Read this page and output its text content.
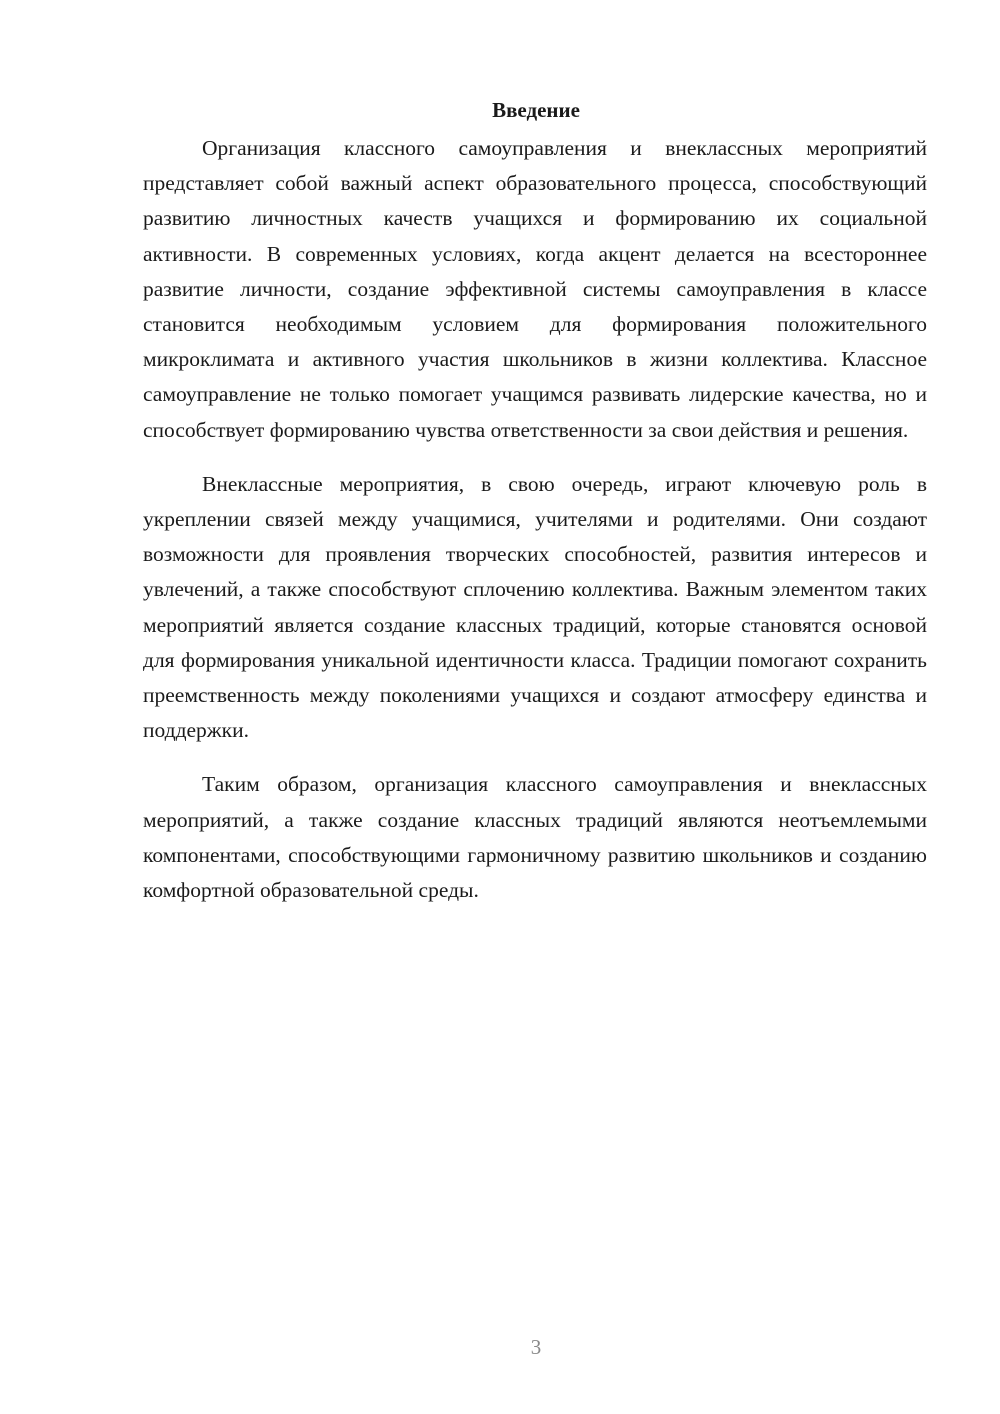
Введение

Организация классного самоуправления и внеклассных мероприятий представляет собой важный аспект образовательного процесса, способствующий развитию личностных качеств учащихся и формированию их социальной активности. В современных условиях, когда акцент делается на всестороннее развитие личности, создание эффективной системы самоуправления в классе становится необходимым условием для формирования положительного микроклимата и активного участия школьников в жизни коллектива. Классное самоуправление не только помогает учащимся развивать лидерские качества, но и способствует формированию чувства ответственности за свои действия и решения.

Внеклассные мероприятия, в свою очередь, играют ключевую роль в укреплении связей между учащимися, учителями и родителями. Они создают возможности для проявления творческих способностей, развития интересов и увлечений, а также способствуют сплочению коллектива. Важным элементом таких мероприятий является создание классных традиций, которые становятся основой для формирования уникальной идентичности класса. Традиции помогают сохранить преемственность между поколениями учащихся и создают атмосферу единства и поддержки.

Таким образом, организация классного самоуправления и внеклассных мероприятий, а также создание классных традиций являются неотъемлемыми компонентами, способствующими гармоничному развитию школьников и созданию комфортной образовательной среды.

3
